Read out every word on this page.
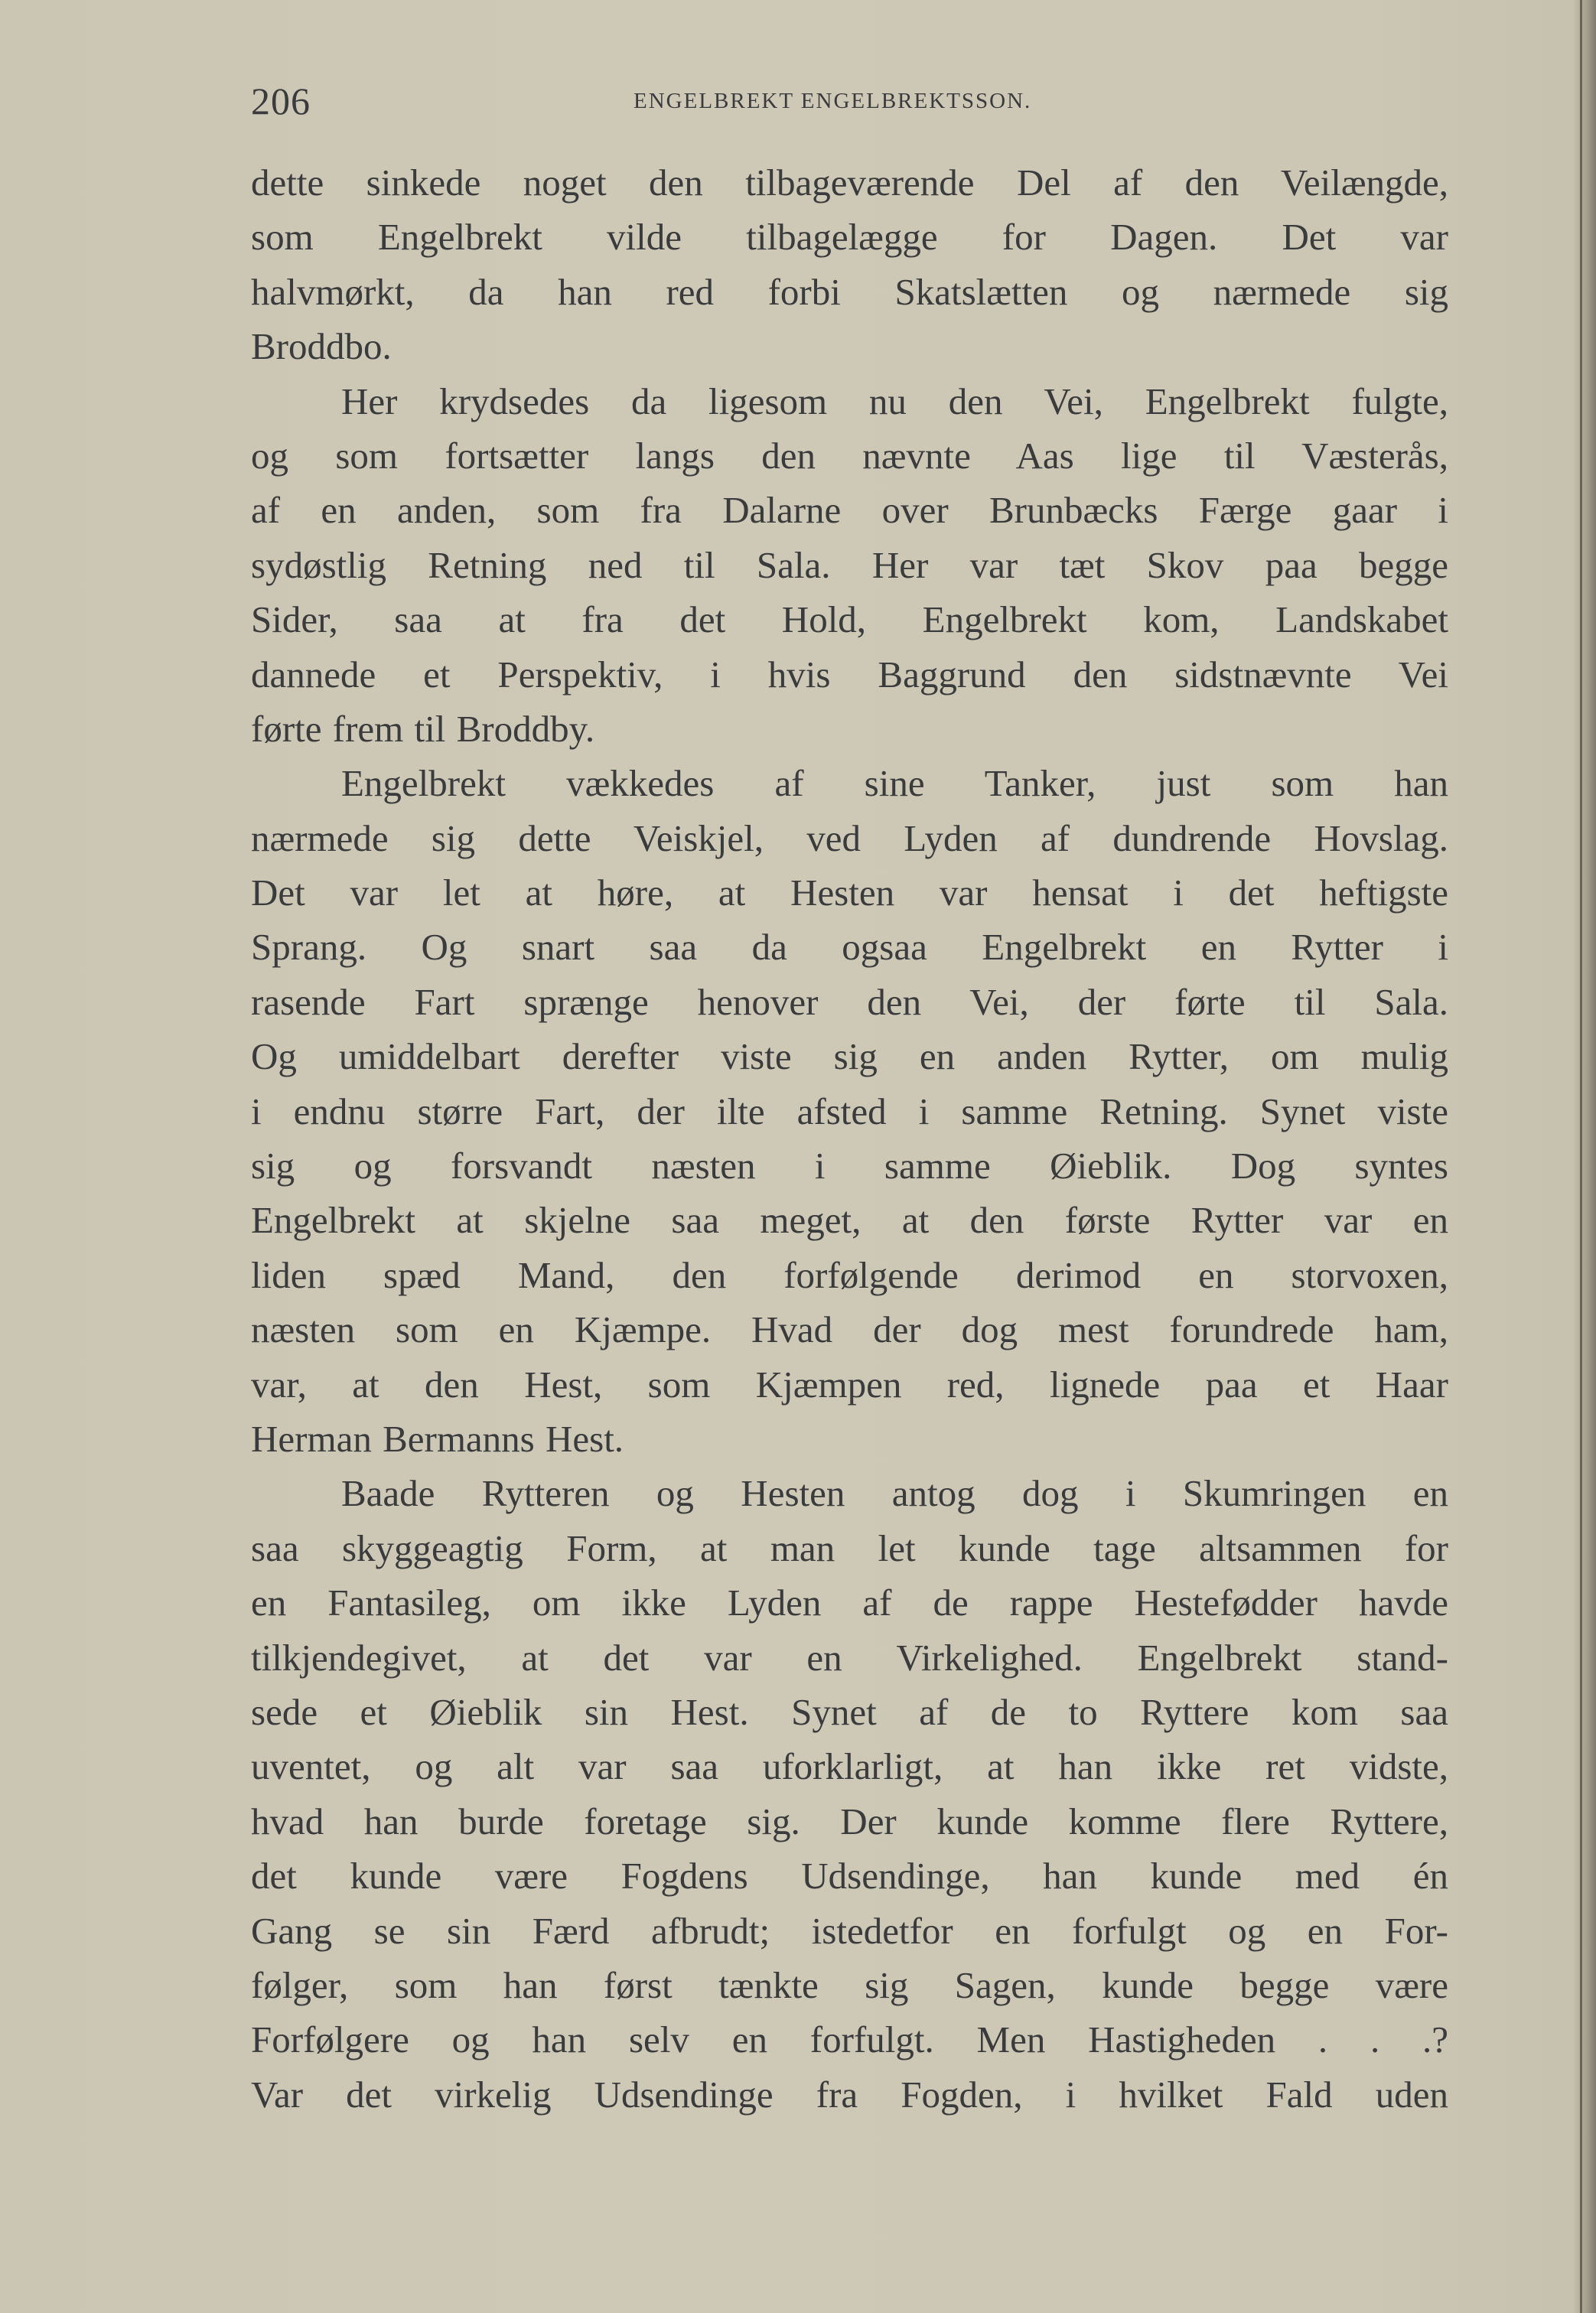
206	ENGELBREKT ENGELBREKTSSON.
dette sinkede noget den tilbageværende Del af den Veilængde,
som Engelbrekt vilde tilbagelægge for Dagen. Det var
halvmørkt, da han red forbi Skatslætten og nærmede sig
Broddbo.
Her krydsedes da ligesom nu den Vei, Engelbrekt fulgte,
og som fortsætter langs den nævnte Aas lige til Væsterås,
af en anden, som fra Dalarne over Brunbæcks Færge gaar i
sydøstlig Retning ned til Sala. Her var tæt Skov paa begge
Sider, saa at fra det Hold, Engelbrekt kom, Landskabet
dannede et Perspektiv, i hvis Baggrund den sidstnævnte Vei
førte frem til Broddby.
Engelbrekt vækkedes af sine Tanker, just som han
nærmede sig dette Veiskjel, ved Lyden af dundrende Hovslag.
Det var let at høre, at Hesten var hensat i det heftigste
Sprang. Og snart saa da ogsaa Engelbrekt en Rytter i
rasende Fart sprænge henover den Vei, der førte til Sala.
Og umiddelbart derefter viste sig en anden Rytter, om mulig
i endnu større Fart, der ilte afsted i samme Retning. Synet viste
sig og forsvandt næsten i samme Øieblik. Dog syntes
Engelbrekt at skjelne saa meget, at den første Rytter var en
liden spæd Mand, den forfølgende derimod en storvoxen,
næsten som en Kjæmpe. Hvad der dog mest forundrede ham,
var, at den Hest, som Kjæmpen red, lignede paa et Haar
Herman Bermanns Hest.
Baade Rytteren og Hesten antog dog i Skumringen en
saa skyggeagtig Form, at man let kunde tage altsammen for
en Fantasileg, om ikke Lyden af de rappe Hestefødder havde
tilkjendegivet, at det var en Virkelighed. Engelbrekt stand-
sede et Øieblik sin Hest. Synet af de to Ryttere kom saa
uventet, og alt var saa uforklarligt, at han ikke ret vidste,
hvad han burde foretage sig. Der kunde komme flere Ryttere,
det kunde være Fogdens Udsendinge, han kunde med én
Gang se sin Færd afbrudt; istedetfor en forfulgt og en For-
følger, som han først tænkte sig Sagen, kunde begge være
Forfølgere og han selv en forfulgt. Men Hastigheden . . .?
Var det virkelig Udsendinge fra Fogden, i hvilket Fald uden
